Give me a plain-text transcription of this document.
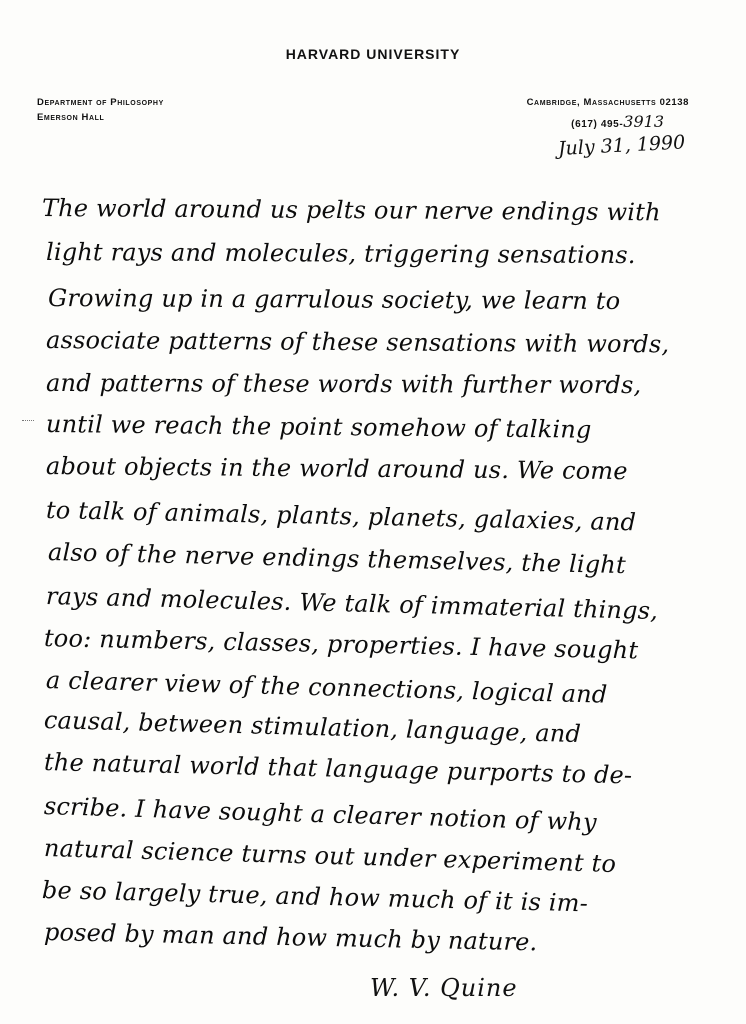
HARVARD UNIVERSITY
Department of Philosophy
Emerson Hall
Cambridge, Massachusetts 02138
(617) 495-3913
July 31, 1990
The world around us pelts our nerve endings with
light rays and molecules, triggering sensations.
Growing up in a garrulous society, we learn to
associate patterns of these sensations with words,
and patterns of these words with further words,
until we reach the point somehow of talking
about objects in the world around us. We come
to talk of animals, plants, planets, galaxies, and
also of the nerve endings themselves, the light
rays and molecules. We talk of immaterial things,
too: numbers, classes, properties. I have sought
a clearer view of the connections, logical and
causal, between stimulation, language, and
the natural world that language purports to de-
scribe. I have sought a clearer notion of why
natural science turns out under experiment to
be so largely true, and how much of it is im-
posed by man and how much by nature.
W. V. Quine
